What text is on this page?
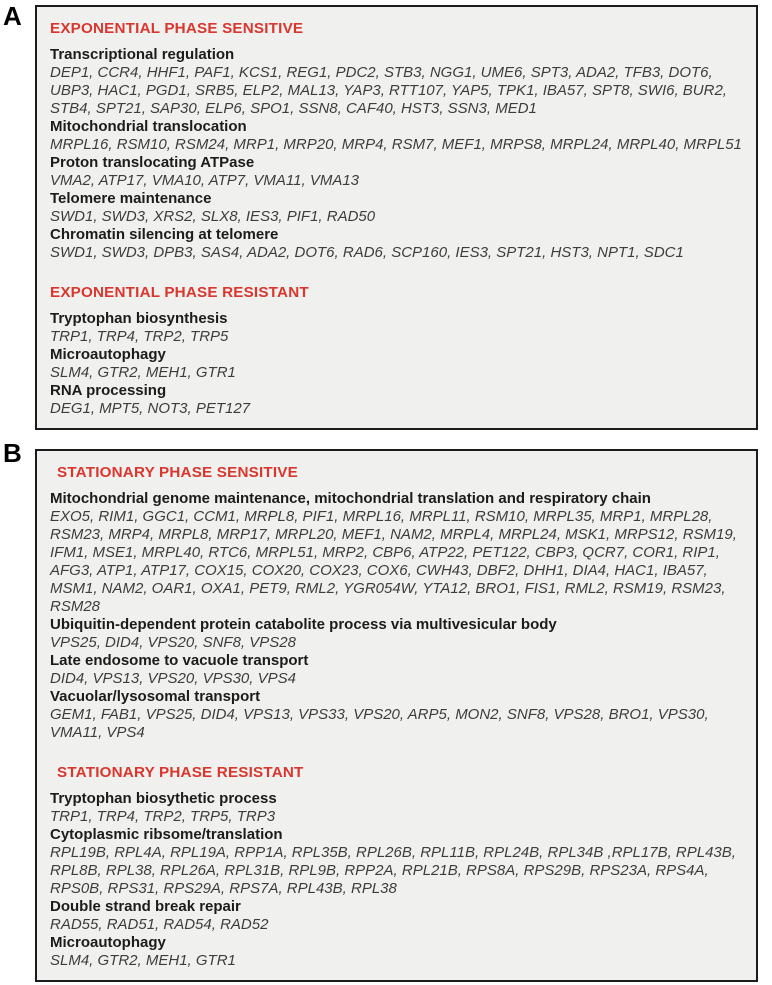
A EXPONENTIAL PHASE SENSITIVE
Transcriptional regulation
DEP1, CCR4, HHF1, PAF1, KCS1, REG1, PDC2, STB3, NGG1, UME6, SPT3, ADA2, TFB3, DOT6, UBP3, HAC1, PGD1, SRB5, ELP2, MAL13, YAP3, RTT107, YAP5, TPK1, IBA57, SPT8, SWI6, BUR2, STB4, SPT21, SAP30, ELP6, SPO1, SSN8, CAF40, HST3, SSN3, MED1
Mitochondrial translocation
MRPL16, RSM10, RSM24, MRP1, MRP20, MRP4, RSM7, MEF1, MRPS8, MRPL24, MRPL40, MRPL51
Proton translocating ATPase
VMA2, ATP17, VMA10, ATP7, VMA11, VMA13
Telomere maintenance
SWD1, SWD3, XRS2, SLX8, IES3, PIF1, RAD50
Chromatin silencing at telomere
SWD1, SWD3, DPB3, SAS4, ADA2, DOT6, RAD6, SCP160, IES3, SPT21, HST3, NPT1, SDC1
EXPONENTIAL PHASE RESISTANT
Tryptophan biosynthesis
TRP1, TRP4, TRP2, TRP5
Microautophagy
SLM4, GTR2, MEH1, GTR1
RNA processing
DEG1, MPT5, NOT3, PET127
B
STATIONARY PHASE SENSITIVE
Mitochondrial genome maintenance, mitochondrial translation and respiratory chain
EXO5, RIM1, GGC1, CCM1, MRPL8, PIF1, MRPL16, MRPL11, RSM10, MRPL35, MRP1, MRPL28, RSM23, MRP4, MRPL8, MRP17, MRPL20, MEF1, NAM2, MRPL4, MRPL24, MSK1, MRPS12, RSM19, IFM1, MSE1, MRPL40, RTC6, MRPL51, MRP2, CBP6, ATP22, PET122, CBP3, QCR7, COR1, RIP1, AFG3, ATP1, ATP17, COX15, COX20, COX23, COX6, CWH43, DBF2, DHH1, DIA4, HAC1, IBA57, MSM1, NAM2, OAR1, OXA1, PET9, RML2, YGR054W, YTA12, BRO1, FIS1, RML2, RSM19, RSM23, RSM28
Ubiquitin-dependent protein catabolite process via multivesicular body
VPS25, DID4, VPS20, SNF8, VPS28
Late endosome to vacuole transport
DID4, VPS13, VPS20, VPS30, VPS4
Vacuolar/lysosomal transport
GEM1, FAB1, VPS25, DID4, VPS13, VPS33, VPS20, ARP5, MON2, SNF8, VPS28, BRO1, VPS30, VMA11, VPS4
STATIONARY PHASE RESISTANT
Tryptophan biosythetic process
TRP1, TRP4, TRP2, TRP5, TRP3
Cytoplasmic ribsome/translation
RPL19B, RPL4A, RPL19A, RPP1A, RPL35B, RPL26B, RPL11B, RPL24B, RPL34B ,RPL17B, RPL43B, RPL8B, RPL38, RPL26A, RPL31B, RPL9B, RPP2A, RPL21B, RPS8A, RPS29B, RPS23A, RPS4A, RPS0B, RPS31, RPS29A, RPS7A, RPL43B, RPL38
Double strand break repair
RAD55, RAD51, RAD54, RAD52
Microautophagy
SLM4, GTR2, MEH1, GTR1
